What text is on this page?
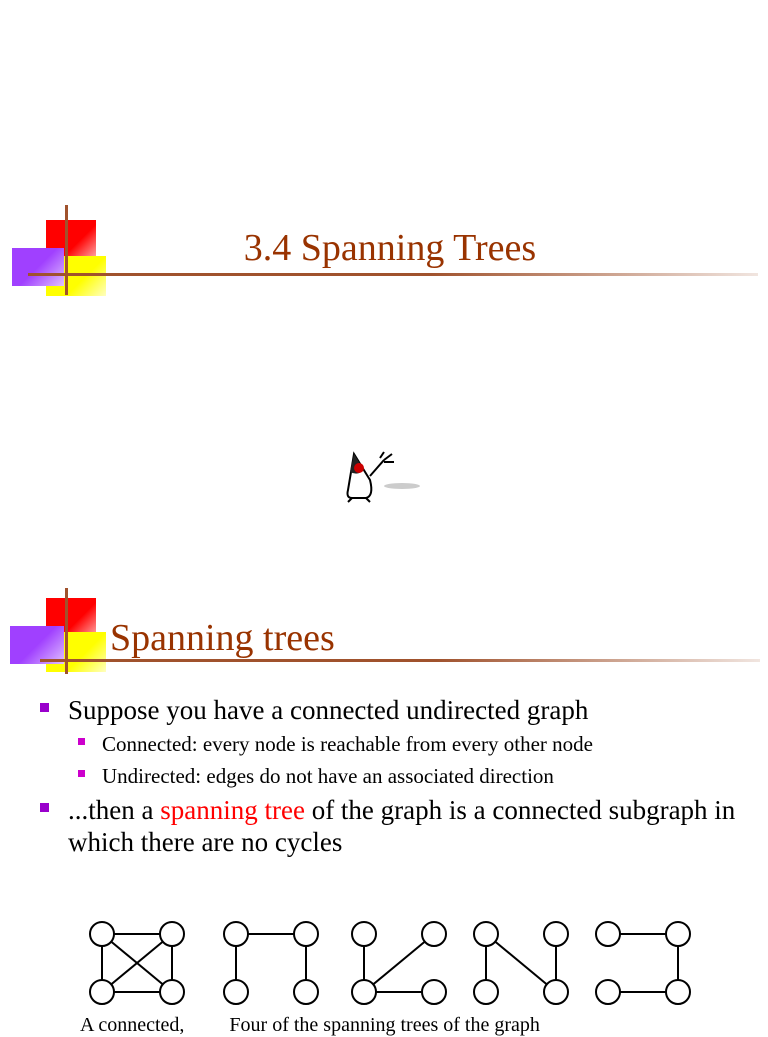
3.4 Spanning Trees
Spanning trees
Suppose you have a connected undirected graph
Connected: every node is reachable from every other node
Undirected: edges do not have an associated direction
...then a spanning tree of the graph is a connected subgraph in which there are no cycles
A connected, Four of the spanning trees of the graph
